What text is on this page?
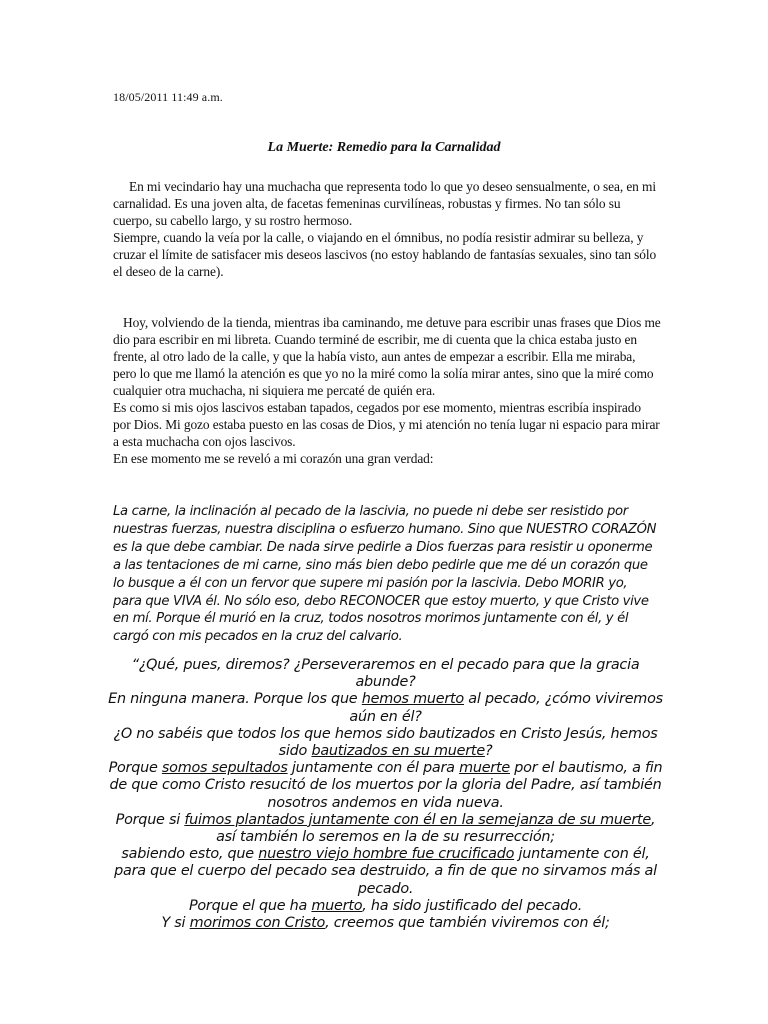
18/05/2011 11:49 a.m.
La Muerte: Remedio para la Carnalidad

En mi vecindario hay una muchacha que representa todo lo que yo deseo sensualmente, o sea, en mi carnalidad. Es una joven alta, de facetas femeninas curvilíneas, robustas y firmes. No tan sólo su cuerpo, su cabello largo, y su rostro hermoso.

Siempre, cuando la veía por la calle, o viajando en el ómnibus, no podía resistir admirar su belleza, y cruzar el límite de satisfacer mis deseos lascivos (no estoy hablando de fantasías sexuales, sino tan sólo el deseo de la carne).

Hoy, volviendo de la tienda, mientras iba caminando, me detuve para escribir unas frases que Dios me dio para escribir en mi libreta. Cuando terminé de escribir, me di cuenta que la chica estaba justo en frente, al otro lado de la calle, y que la había visto, aun antes de empezar a escribir. Ella me miraba, pero lo que me llamó la atención es que yo no la miré como la solía mirar antes, sino que la miré como cualquier otra muchacha, ni siquiera me percaté de quién era.

Es como si mis ojos lascivos estaban tapados, cegados por ese momento, mientras escribía inspirado por Dios. Mi gozo estaba puesto en las cosas de Dios, y mi atención no tenía lugar ni espacio para mirar a esta muchacha con ojos lascivos.

En ese momento me se reveló a mi corazón una gran verdad:

La carne, la inclinación al pecado de la lascivia, no puede ni debe ser resistido por nuestras fuerzas, nuestra disciplina o esfuerzo humano. Sino que NUESTRO CORAZÓN es la que debe cambiar. De nada sirve pedirle a Dios fuerzas para resistir u oponerme a las tentaciones de mi carne, sino más bien debo pedirle que me dé un corazón que lo busque a él con un fervor que supere mi pasión por la lascivia. Debo MORIR yo, para que VIVA él. No sólo eso, debo RECONOCER que estoy muerto, y que Cristo vive en mí. Porque él murió en la cruz, todos nosotros morimos juntamente con él, y él cargó con mis pecados en la cruz del calvario.
“¿Qué, pues, diremos? ¿Perseveraremos en el pecado para que la gracia abunde?
En ninguna manera. Porque los que hemos muerto al pecado, ¿cómo viviremos aún en él?
¿O no sabéis que todos los que hemos sido bautizados en Cristo Jesús, hemos sido bautizados en su muerte?
Porque somos sepultados juntamente con él para muerte por el bautismo, a fin de que como Cristo resucitó de los muertos por la gloria del Padre, así también nosotros andemos en vida nueva.
Porque si fuimos plantados juntamente con él en la semejanza de su muerte, así también lo seremos en la de su resurrección;
sabiendo esto, que nuestro viejo hombre fue crucificado juntamente con él, para que el cuerpo del pecado sea destruido, a fin de que no sirvamos más al pecado.
Porque el que ha muerto, ha sido justificado del pecado.
Y si morimos con Cristo, creemos que también viviremos con él;
